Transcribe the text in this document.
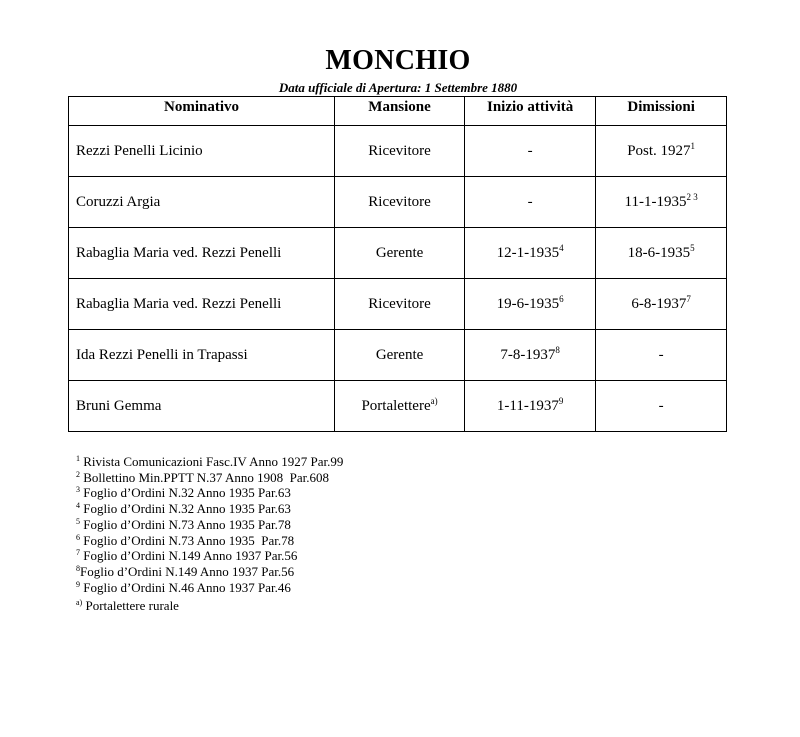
MONCHIO
Data ufficiale di Apertura: 1 Settembre 1880
Nominativo	Mansione	Inizio attività	Dimissioni
Rezzi Penelli Licinio	Ricevitore	-	Post. 1927$^1$
Coruzzi Argia	Ricevitore	-	$11-1-1935^{2 3}$
Rabaglia Maria ved. Rezzi Penelli	Gerente	12-1-1935$^4$	18-6-1935$^5$
Rabaglia Maria ved. Rezzi Penelli	Ricevitore	19-6-1935$^6$	6-8-1937$^7$
Ida Rezzi Penelli in Trapassi	Gerente	7-8-1937$^8$	-
Bruni Gemma	Portalettere$^{a)}$	1-11-1937$^9$	-
$^1$ Rivista Comunicazioni Fasc.IV Anno 1927 Par.99
$^2$ Bollettino Min.PPTT N.37 Anno 1908  Par.608
$^3$ Foglio d’Ordini N.32 Anno 1935 Par.63
$^4$ Foglio d’Ordini N.32 Anno 1935 Par.63
$^5$ Foglio d’Ordini N.73 Anno 1935 Par.78
$^6$ Foglio d’Ordini N.73 Anno 1935  Par.78
$^7$ Foglio d’Ordini N.149 Anno 1937 Par.56
$^8$Foglio d’Ordini N.149 Anno 1937 Par.56
$^9$ Foglio d’Ordini N.46 Anno 1937 Par.46
$^{a)}$ Portalettere rurale
